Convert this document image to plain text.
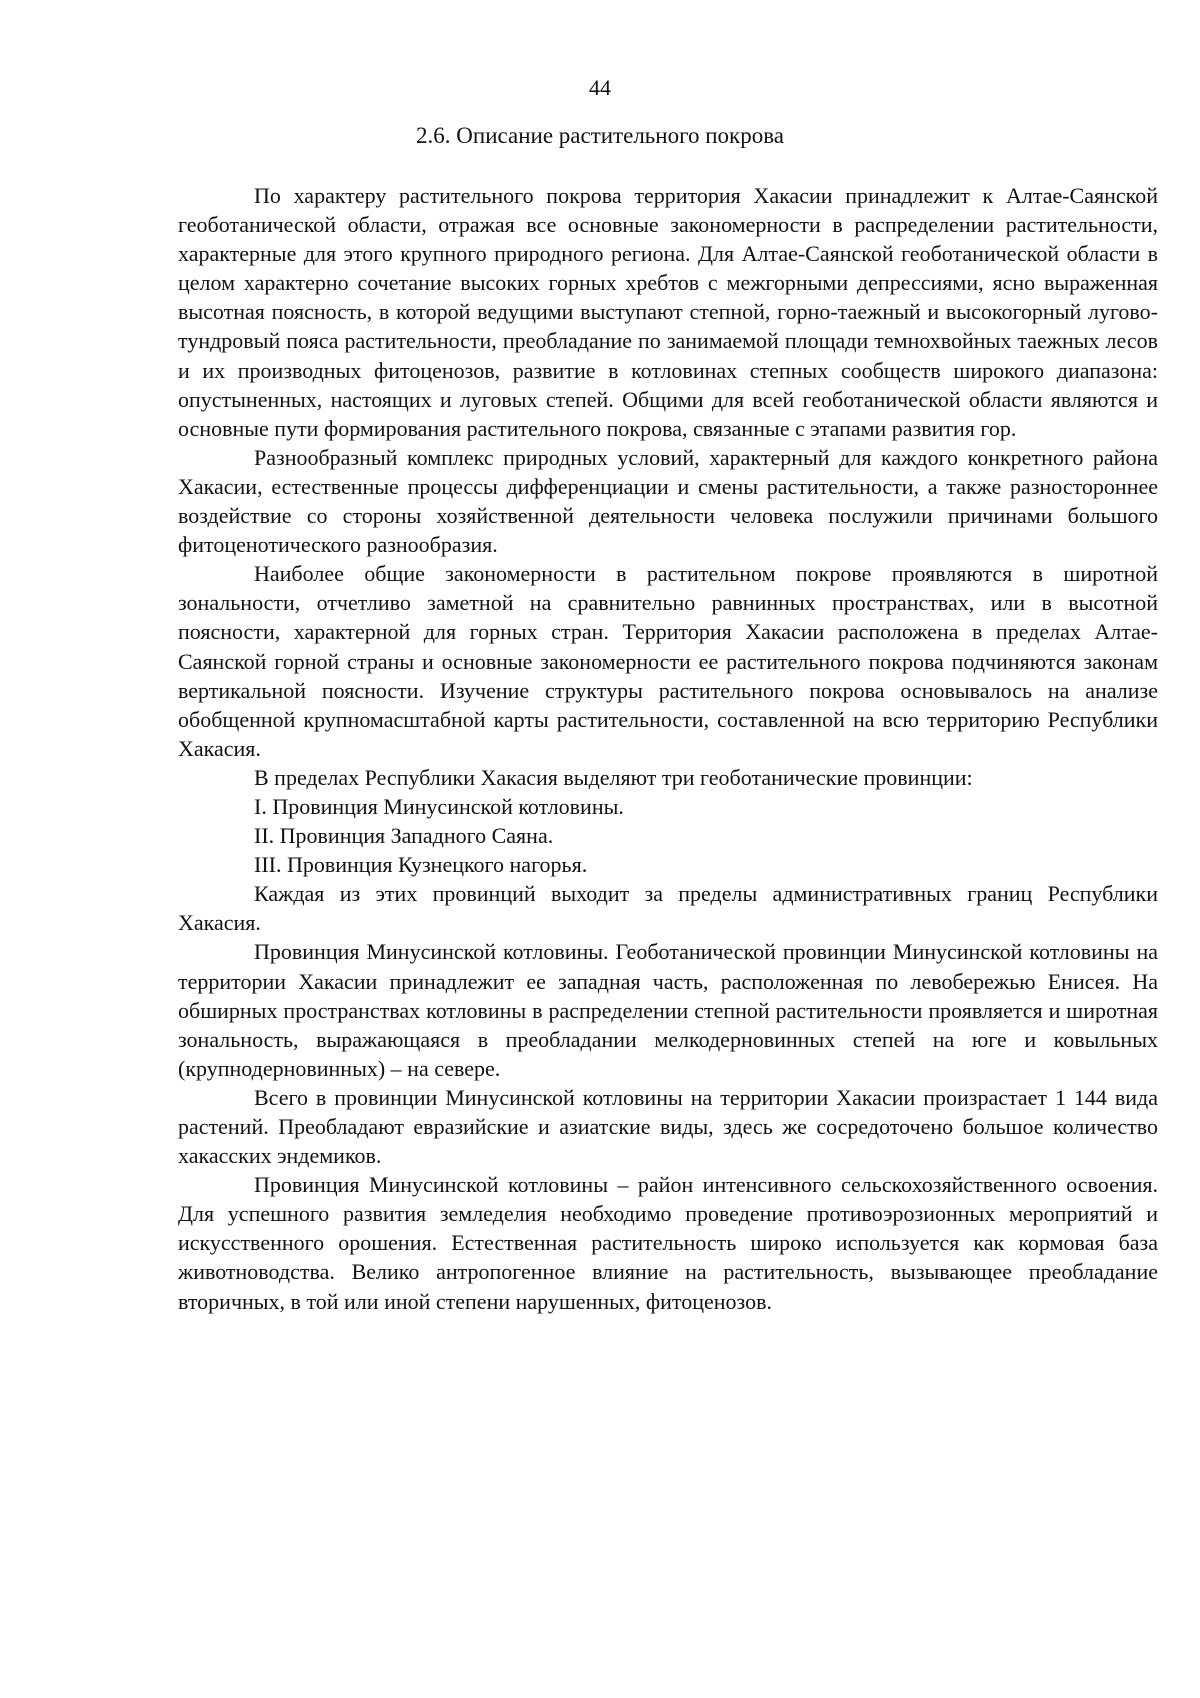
44
2.6. Описание растительного покрова

По характеру растительного покрова территория Хакасии принадлежит к Алтае-Саянской геоботанической области, отражая все основные закономерности в распределении растительности, характерные для этого крупного природного региона. Для Алтае-Саянской геоботанической области в целом характерно сочетание высоких горных хребтов с межгорными депрессиями, ясно выраженная высотная поясность, в которой ведущими выступают степной, горно-таежный и высокогорный лугово-тундровый пояса растительности, преобладание по занимаемой площади темнохвойных таежных лесов и их производных фитоценозов, развитие в котловинах степных сообществ широкого диапазона: опустыненных, настоящих и луговых степей. Общими для всей геоботанической области являются и основные пути формирования растительного покрова, связанные с этапами развития гор.

Разнообразный комплекс природных условий, характерный для каждого конкретного района Хакасии, естественные процессы дифференциации и смены растительности, а также разностороннее воздействие со стороны хозяйственной деятельности человека послужили причинами большого фитоценотического разнообразия.

Наиболее общие закономерности в растительном покрове проявляются в широтной зональности, отчетливо заметной на сравнительно равнинных пространствах, или в высотной поясности, характерной для горных стран. Территория Хакасии расположена в пределах Алтае-Саянской горной страны и основные закономерности ее растительного покрова подчиняются законам вертикальной поясности. Изучение структуры растительного покрова основывалось на анализе обобщенной крупномасштабной карты растительности, составленной на всю территорию Республики Хакасия.

В пределах Республики Хакасия выделяют три геоботанические провинции:

I. Провинция Минусинской котловины.

II. Провинция Западного Саяна.

III. Провинция Кузнецкого нагорья.

Каждая из этих провинций выходит за пределы административных границ Республики Хакасия.

Провинция Минусинской котловины. Геоботанической провинции Минусинской котловины на территории Хакасии принадлежит ее западная часть, расположенная по левобережью Енисея. На обширных пространствах котловины в распределении степной растительности проявляется и широтная зональность, выражающаяся в преобладании мелкодерновинных степей на юге и ковыльных (крупнодерновинных) – на севере.

Всего в провинции Минусинской котловины на территории Хакасии произрастает 1 144 вида растений. Преобладают евразийские и азиатские виды, здесь же сосредоточено большое количество хакасских эндемиков.

Провинция Минусинской котловины – район интенсивного сельскохозяйственного освоения. Для успешного развития земледелия необходимо проведение противоэрозионных мероприятий и искусственного орошения. Естественная растительность широко используется как кормовая база животноводства. Велико антропогенное влияние на растительность, вызывающее преобладание вторичных, в той или иной степени нарушенных, фитоценозов.
